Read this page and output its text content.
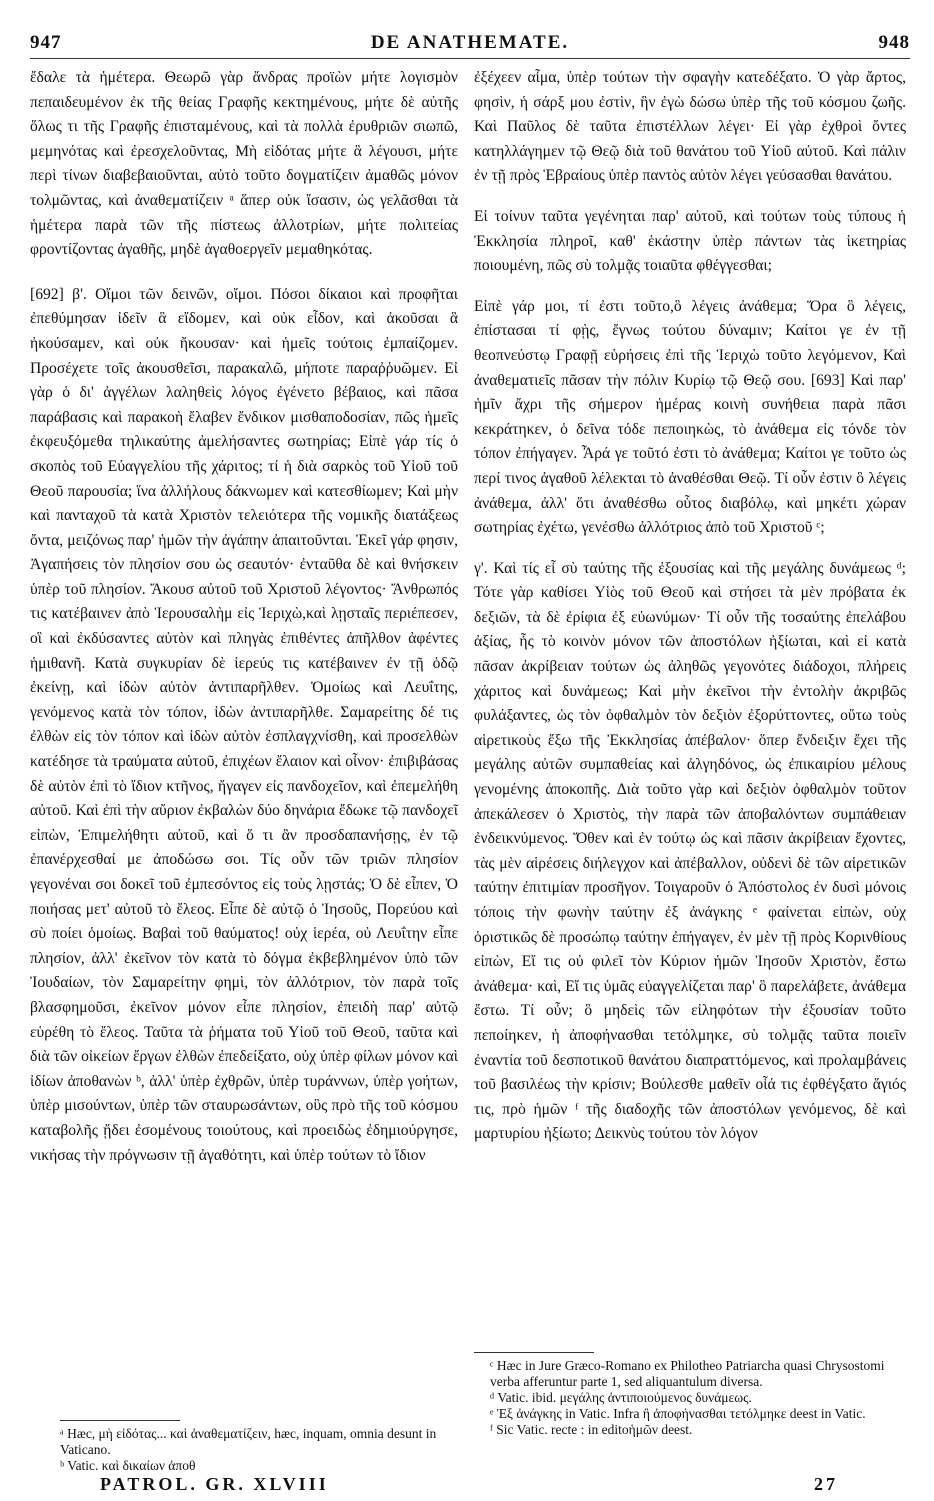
947	DE ANATHEMATE.	948

ἔδαλε τὰ ἡμέτερα. Θεωρῶ γὰρ ἄνδρας προϊὼν μήτε λογισμὸν πεπαιδευμένον ἐκ τῆς θείας Γραφῆς κεκτημένους, μήτε δὲ αὐτῆς ὅλως τι τῆς Γραφῆς ἐπισταμένους, καὶ τὰ πολλὰ ἐρυθριῶν σιωπῶ, μεμηνότας καὶ ἐρεσχελοῦντας, Μὴ εἰδότας μήτε ἃ λέγουσι, μήτε περὶ τίνων διαβεβαιοῦνται, αὐτὸ τοῦτο δογματίζειν ἀμαθῶς μόνον τολμῶντας, καὶ ἀναθεματίζειν ᵃ ἅπερ οὐκ ἴσασιν, ὡς γελᾶσθαι τὰ ἡμέτερα παρὰ τῶν τῆς πίστεως ἀλλοτρίων, μήτε πολιτείας φροντίζοντας ἀγαθῆς, μηδὲ ἀγαθοεργεῖν μεμαθηκότας.

[692] β'. Οἴμοι τῶν δεινῶν, οἴμοι. Πόσοι δίκαιοι καὶ προφῆται ἐπεθύμησαν ἰδεῖν ἃ εἴδομεν, καὶ οὐκ εἶδον, καὶ ἀκοῦσαι ἃ ἠκούσαμεν, καὶ οὐκ ἤκουσαν· καὶ ἡμεῖς τούτοις ἐμπαίζομεν. Προσέχετε τοῖς ἀκουσθεῖσι, παρακαλῶ, μήποτε παραῤῥυῶμεν. Εἰ γὰρ ὁ δι' ἀγγέλων λαληθεὶς λόγος ἐγένετο βέβαιος, καὶ πᾶσα παράβασις καὶ παρακοὴ ἔλαβεν ἔνδικον μισθαποδοσίαν, πῶς ἡμεῖς ἐκφευξόμεθα τηλικαύτης ἀμελήσαντες σωτηρίας; Εἰπὲ γάρ τίς ὁ σκοπὸς τοῦ Εὐαγγελίου τῆς χάριτος; τί ἡ διὰ σαρκὸς τοῦ Υἱοῦ τοῦ Θεοῦ παρουσία; ἵνα ἀλλήλους δάκνωμεν καὶ κατεσθίωμεν; Καὶ μὴν καὶ πανταχοῦ τὰ κατὰ Χριστὸν τελειότερα τῆς νομικῆς διατάξεως ὄντα, μειζόνως παρ' ἡμῶν τὴν ἀγάπην ἀπαιτοῦνται. Ἐκεῖ γάρ φησιν, Ἀγαπήσεις τὸν πλησίον σου ὡς σεαυτόν· ἐνταῦθα δὲ καὶ θνήσκειν ὑπὲρ τοῦ πλησίον. Ἄκουσ αὐτοῦ τοῦ Χριστοῦ λέγοντος· Ἄνθρωπός τις κατέβαινεν ἀπὸ Ἱερουσαλὴμ εἰς Ἱεριχὼ,καὶ λῃσταῖς περιέπεσεν, οἳ καὶ ἐκδύσαντες αὐτὸν καὶ πληγὰς ἐπιθέντες ἀπῆλθον ἀφέντες ἡμιθανῆ. Κατὰ συγκυρίαν δὲ ἱερεύς τις κατέβαινεν ἐν τῇ ὁδῷ ἐκείνῃ, καὶ ἰδὼν αὐτὸν ἀντιπαρῆλθεν. Ὁμοίως καὶ Λευΐτης, γενόμενος κατὰ τὸν τόπον, ἰδὼν ἀντιπαρῆλθε. Σαμαρείτης δέ τις ἐλθὼν εἰς τὸν τόπον καὶ ἰδὼν αὐτὸν ἐσπλαγχνίσθη, καὶ προσελθὼν κατέδησε τὰ τραύματα αὐτοῦ, ἐπιχέων ἔλαιον καὶ οἶνον· ἐπιβιβάσας δὲ αὐτὸν ἐπὶ τὸ ἴδιον κτῆνος, ἤγαγεν εἰς πανδοχεῖον, καὶ ἐπεμελήθη αὐτοῦ. Καὶ ἐπὶ τὴν αὔριον ἐκβαλὼν δύο δηνάρια ἔδωκε τῷ πανδοχεῖ εἰπὼν, Ἐπιμελήθητι αὐτοῦ, καὶ ὅ τι ἂν προσδαπανήσῃς, ἐν τῷ ἐπανέρχεσθαί με ἀποδώσω σοι. Τίς οὖν τῶν τριῶν πλησίον γεγονέναι σοι δοκεῖ τοῦ ἐμπεσόντος εἰς τοὺς λῃστάς; Ὁ δὲ εἶπεν, Ὁ ποιήσας μετ' αὐτοῦ τὸ ἔλεος. Εἶπε δὲ αὐτῷ ὁ Ἰησοῦς, Πορεύου καὶ σὺ ποίει ὁμοίως. Βαβαὶ τοῦ θαύματος! οὐχ ἱερέα, οὐ Λευΐτην εἶπε πλησίον, ἀλλ' ἐκεῖνον τὸν κατὰ τὸ δόγμα ἐκβεβλημένον ὑπὸ τῶν Ἰουδαίων, τὸν Σαμαρείτην φημὶ, τὸν ἀλλότριον, τὸν παρὰ τοῖς βλασφημοῦσι, ἐκεῖνον μόνον εἶπε πλησίον, ἐπειδὴ παρ' αὐτῷ εὑρέθη τὸ ἔλεος. Ταῦτα τὰ ῥήματα τοῦ Υἱοῦ τοῦ Θεοῦ, ταῦτα καὶ διὰ τῶν οἰκείων ἔργων ἐλθὼν ἐπεδείξατο, οὐχ ὑπὲρ φίλων μόνον καὶ ἰδίων ἀποθανὼν ᵇ, ἀλλ' ὑπὲρ ἐχθρῶν, ὑπὲρ τυράννων, ὑπὲρ γοήτων, ὑπὲρ μισούντων, ὑπὲρ τῶν σταυρωσάντων, οὓς πρὸ τῆς τοῦ κόσμου καταβολῆς ᾔδει ἐσομένους τοιούτους, καὶ προειδὼς ἐδημιούργησε, νικήσας τὴν πρόγνωσιν τῇ ἀγαθότητι, καὶ ὑπὲρ τούτων τὸ ἴδιον

ἐξέχεεν αἷμα, ὑπὲρ τούτων τὴν σφαγὴν κατεδέξατο. Ὁ γὰρ ἄρτος, φησὶν, ἡ σάρξ μου ἐστὶν, ἣν ἐγὼ δώσω ὑπὲρ τῆς τοῦ κόσμου ζωῆς. Καὶ Παῦλος δὲ ταῦτα ἐπιστέλλων λέγει· Εἰ γὰρ ἐχθροὶ ὄντες κατηλλάγημεν τῷ Θεῷ διὰ τοῦ θανάτου τοῦ Υἱοῦ αὐτοῦ. Καὶ πάλιν ἐν τῇ πρὸς Ἑβραίους ὑπὲρ παντὸς αὐτὸν λέγει γεύσασθαι θανάτου.

Εἰ τοίνυν ταῦτα γεγένηται παρ' αὐτοῦ, καὶ τούτων τοὺς τύπους ἡ Ἐκκλησία πληροῖ, καθ' ἑκάστην ὑπὲρ πάντων τὰς ἱκετηρίας ποιουμένη, πῶς σὺ τολμᾷς τοιαῦτα φθέγγεσθαι;

Εἰπὲ γάρ μοι, τί ἐστι τοῦτο,ὃ λέγεις ἀνάθεμα; Ὅρα ὃ λέγεις, ἐπίστασαι τί φῂς, ἔγνως τούτου δύναμιν; Καίτοι γε ἐν τῇ θεοπνεύστῳ Γραφῇ εὑρήσεις ἐπὶ τῆς Ἱεριχὼ τοῦτο λεγόμενον, Καὶ ἀναθεματιεῖς πᾶσαν τὴν πόλιν Κυρίῳ τῷ Θεῷ σου. [693] Καὶ παρ' ἡμῖν ἄχρι τῆς σήμερον ἡμέρας κοινὴ συνήθεια παρὰ πᾶσι κεκράτηκεν, ὁ δεῖνα τόδε πεποιηκὼς, τὸ ἀνάθεμα εἰς τόνδε τὸν τόπον ἐπήγαγεν. Ἆρά γε τοῦτό ἐστι τὸ ἀνάθεμα; Καίτοι γε τοῦτο ὡς περί τινος ἀγαθοῦ λέλεκται τὸ ἀναθέσθαι Θεῷ. Τί οὖν ἐστιν ὃ λέγεις ἀνάθεμα, ἀλλ' ὅτι ἀναθέσθω οὗτος διαβόλῳ, καὶ μηκέτι χώραν σωτηρίας ἐχέτω, γενέσθω ἀλλότριος ἀπὸ τοῦ Χριστοῦ ᶜ;

γ'. Καὶ τίς εἶ σὺ ταύτης τῆς ἐξουσίας καὶ τῆς μεγάλης δυνάμεως ᵈ; Τότε γὰρ καθίσει Υἱὸς τοῦ Θεοῦ καὶ στήσει τὰ μὲν πρόβατα ἐκ δεξιῶν, τὰ δὲ ἐρίφια ἐξ εὐωνύμων· Τί οὖν τῆς τοσαύτης ἐπελάβου ἀξίας, ἧς τὸ κοινὸν μόνον τῶν ἀποστόλων ἠξίωται, καὶ εἰ κατὰ πᾶσαν ἀκρίβειαν τούτων ὡς ἀληθῶς γεγονότες διάδοχοι, πλήρεις χάριτος καὶ δυνάμεως; Καὶ μὴν ἐκεῖνοι τὴν ἐντολὴν ἀκριβῶς φυλάξαντες, ὡς τὸν ὀφθαλμὸν τὸν δεξιὸν ἐξορύττοντες, οὕτω τοὺς αἱρετικοὺς ἔξω τῆς Ἐκκλησίας ἀπέβαλον· ὅπερ ἔνδειξιν ἔχει τῆς μεγάλης αὐτῶν συμπαθείας καὶ ἀλγηδόνος, ὡς ἐπικαιρίου μέλους γενομένης ἀποκοπῆς. Διὰ τοῦτο γὰρ καὶ δεξιὸν ὀφθαλμὸν τοῦτον ἀπεκάλεσεν ὁ Χριστὸς, τὴν παρὰ τῶν ἀποβαλόντων συμπάθειαν ἐνδεικνύμενος. Ὅθεν καὶ ἐν τούτῳ ὡς καὶ πᾶσιν ἀκρίβειαν ἔχοντες, τὰς μὲν αἱρέσεις διήλεγχον καὶ ἀπέβαλλον, οὐδενὶ δὲ τῶν αἱρετικῶν ταύτην ἐπιτιμίαν προσῆγον. Τοιγαροῦν ὁ Ἀπόστολος ἐν δυσὶ μόνοις τόποις τὴν φωνὴν ταύτην ἐξ ἀνάγκης ᵉ φαίνεται εἰπὼν, οὐχ ὁριστικῶς δὲ προσώπῳ ταύτην ἐπήγαγεν, ἐν μὲν τῇ πρὸς Κορινθίους εἰπὼν, Εἴ τις οὐ φιλεῖ τὸν Κύριον ἡμῶν Ἰησοῦν Χριστὸν, ἔστω ἀνάθεμα· καὶ, Εἴ τις ὑμᾶς εὐαγγελίζεται παρ' ὃ παρελάβετε, ἀνάθεμα ἔστω. Τί οὖν; ὃ μηδεὶς τῶν εἰληφότων τὴν ἐξουσίαν τοῦτο πεποίηκεν, ἡ ἀποφήνασθαι τετόλμηκε, σὺ τολμᾷς ταῦτα ποιεῖν ἐναντία τοῦ δεσποτικοῦ θανάτου διαπραττόμενος, καὶ προλαμβάνεις τοῦ βασιλέως τὴν κρίσιν; Βούλεσθε μαθεῖν οἷά τις ἐφθέγξατο ἅγιός τις, πρὸ ἡμῶν ᶠ τῆς διαδοχῆς τῶν ἀποστόλων γενόμενος, δὲ καὶ μαρτυρίου ἠξίωτο; Δεικνὺς τούτου τὸν λόγον

ᵃ Hæc, μὴ εἰδότας... καὶ ἀναθεματίζειν, hæc, inquam, omnia desunt in Vaticano.

ᵇ Vatic. καὶ δικαίων ἀποθ

ᶜ Hæc in Jure Græco-Romano ex Philotheo Patriarcha quasi Chrysostomi verba afferuntur parte 1, sed aliquantulum diversa.

ᵈ Vatic. ibid. μεγάλης ἀντιποιούμενος δυνάμεως.

ᵉ Ἐξ ἀνάγκης in Vatic. Infra ἢ ἀποφήνασθαι τετόλμηκε deest in Vatic.

ᶠ Sic Vatic. recte : in editoἡμῶν deest.

PATROL. GR. XLVIII	27
